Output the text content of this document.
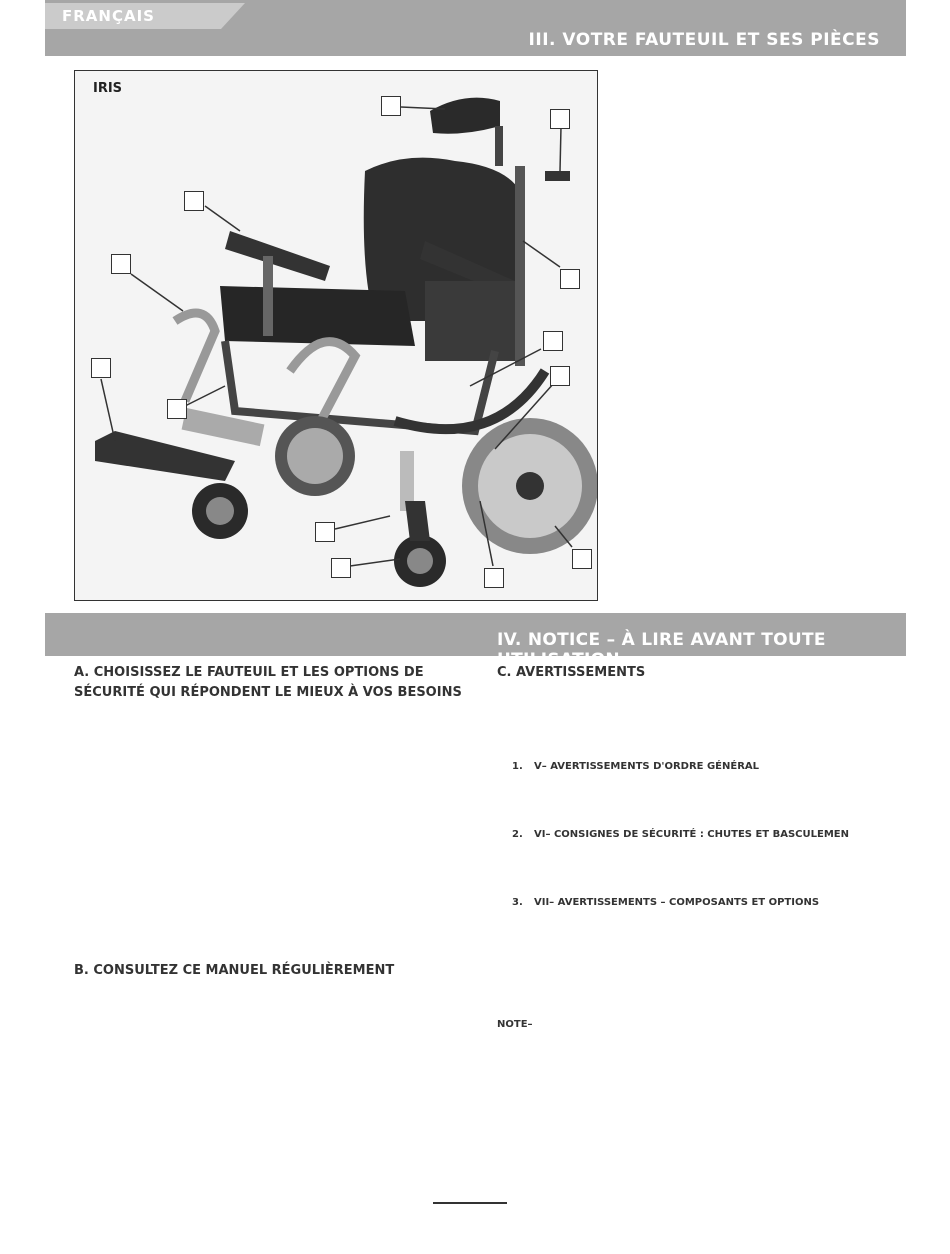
FRANÇAIS
III. VOTRE FAUTEUIL ET SES PIÈCES
IRIS
IV. NOTICE – À LIRE AVANT TOUTE UTILISATION
A. CHOISISSEZ LE FAUTEUIL ET LES OPTIONS DE
SÉCURITÉ QUI RÉPONDENT LE MIEUX À VOS BESOINS
B. CONSULTEZ CE MANUEL RÉGULIÈREMENT
C. AVERTISSEMENTS
1. V– AVERTISSEMENTS D'ORDRE GÉNÉRAL
2. VI– CONSIGNES DE SÉCURITÉ : CHUTES ET BASCULEMEN
3. VII– AVERTISSEMENTS – COMPOSANTS ET OPTIONS
NOTE–
